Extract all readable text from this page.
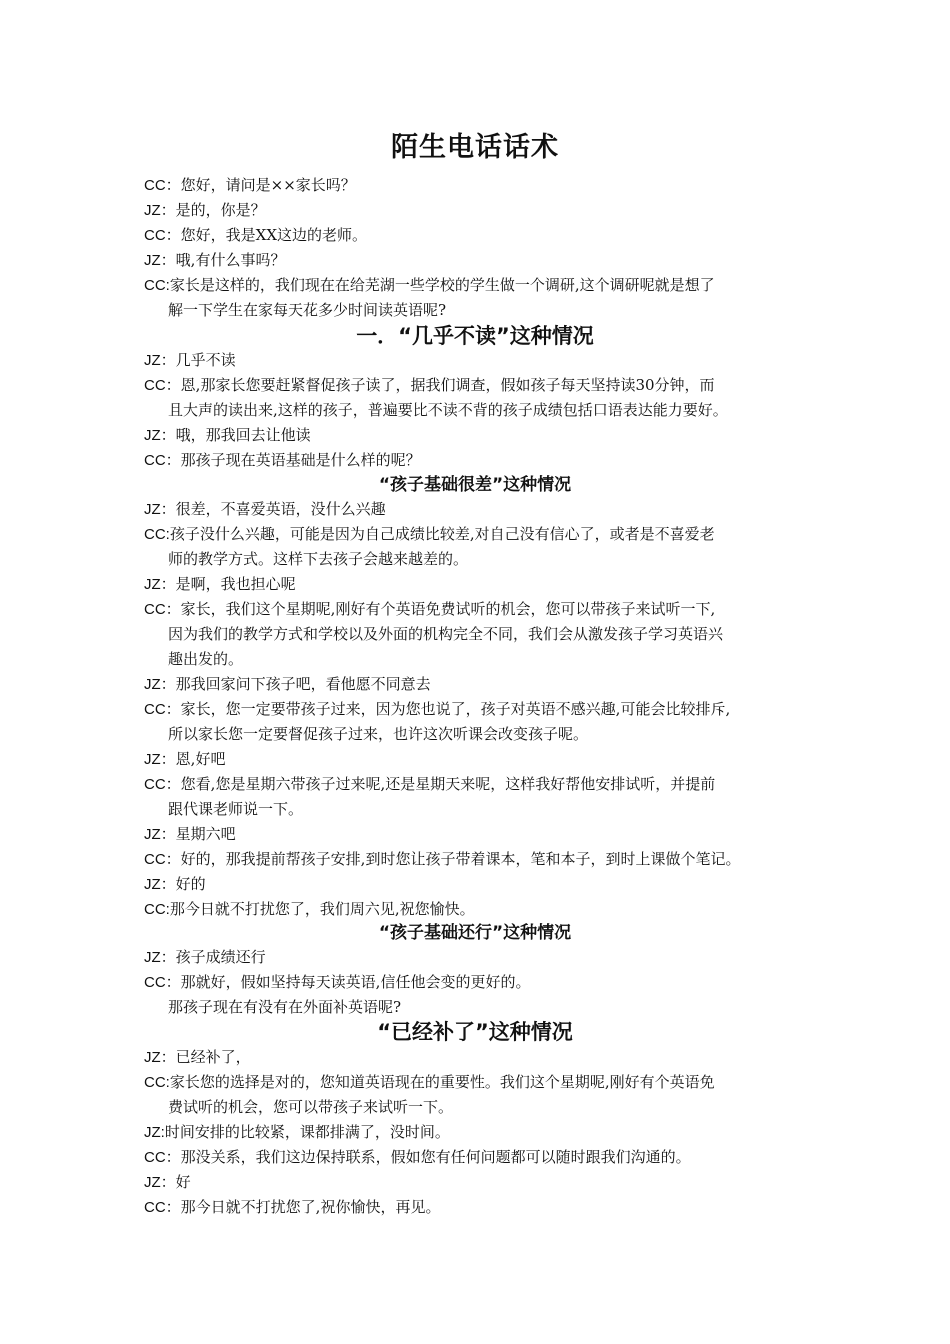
陌生电话话术
CC：您好，请问是××家长吗？
JZ：是的，你是？
CC：您好，我是XX这边的老师。
JZ：哦,有什么事吗？
CC:家长是这样的，我们现在在给芜湖一些学校的学生做一个调研,这个调研呢就是想了
解一下学生在家每天花多少时间读英语呢?
一．“几乎不读”这种情况
JZ：几乎不读
CC：恩,那家长您要赶紧督促孩子读了，据我们调查，假如孩子每天坚持读30分钟，而
且大声的读出来,这样的孩子，普遍要比不读不背的孩子成绩包括口语表达能力要好。
JZ：哦，那我回去让他读
CC：那孩子现在英语基础是什么样的呢？
“孩子基础很差”这种情况
JZ：很差，不喜爱英语，没什么兴趣
CC:孩子没什么兴趣，可能是因为自己成绩比较差,对自己没有信心了，或者是不喜爱老
师的教学方式。这样下去孩子会越来越差的。
JZ：是啊，我也担心呢
CC：家长，我们这个星期呢,刚好有个英语免费试听的机会，您可以带孩子来试听一下,
因为我们的教学方式和学校以及外面的机构完全不同，我们会从激发孩子学习英语兴
趣出发的。
JZ：那我回家问下孩子吧，看他愿不同意去
CC：家长，您一定要带孩子过来，因为您也说了，孩子对英语不感兴趣,可能会比较排斥,
所以家长您一定要督促孩子过来，也许这次听课会改变孩子呢。
JZ：恩,好吧
CC：您看,您是星期六带孩子过来呢,还是星期天来呢，这样我好帮他安排试听，并提前
跟代课老师说一下。
JZ：星期六吧
CC：好的，那我提前帮孩子安排,到时您让孩子带着课本，笔和本子，到时上课做个笔记。
JZ：好的
CC:那今日就不打扰您了，我们周六见,祝您愉快。
“孩子基础还行”这种情况
JZ：孩子成绩还行
CC：那就好，假如坚持每天读英语,信任他会变的更好的。
那孩子现在有没有在外面补英语呢?
“已经补了”这种情况
JZ：已经补了，
CC:家长您的选择是对的，您知道英语现在的重要性。我们这个星期呢,刚好有个英语免
费试听的机会，您可以带孩子来试听一下。
JZ:时间安排的比较紧，课都排满了，没时间。
CC：那没关系，我们这边保持联系，假如您有任何问题都可以随时跟我们沟通的。
JZ：好
CC：那今日就不打扰您了,祝你愉快，再见。
